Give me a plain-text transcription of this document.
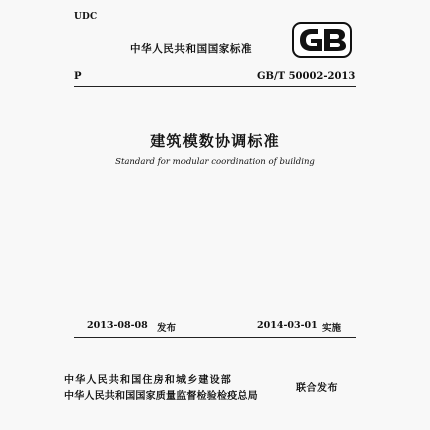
UDC
中华人民共和国国家标准
P	GB/T 50002-2013
建筑模数协调标准
Standard for modular coordination of building
2013-08-08 发布	2014-03-01 实施
中华人民共和国住房和城乡建设部
中华人民共和国国家质量监督检验检疫总局
联合发布
